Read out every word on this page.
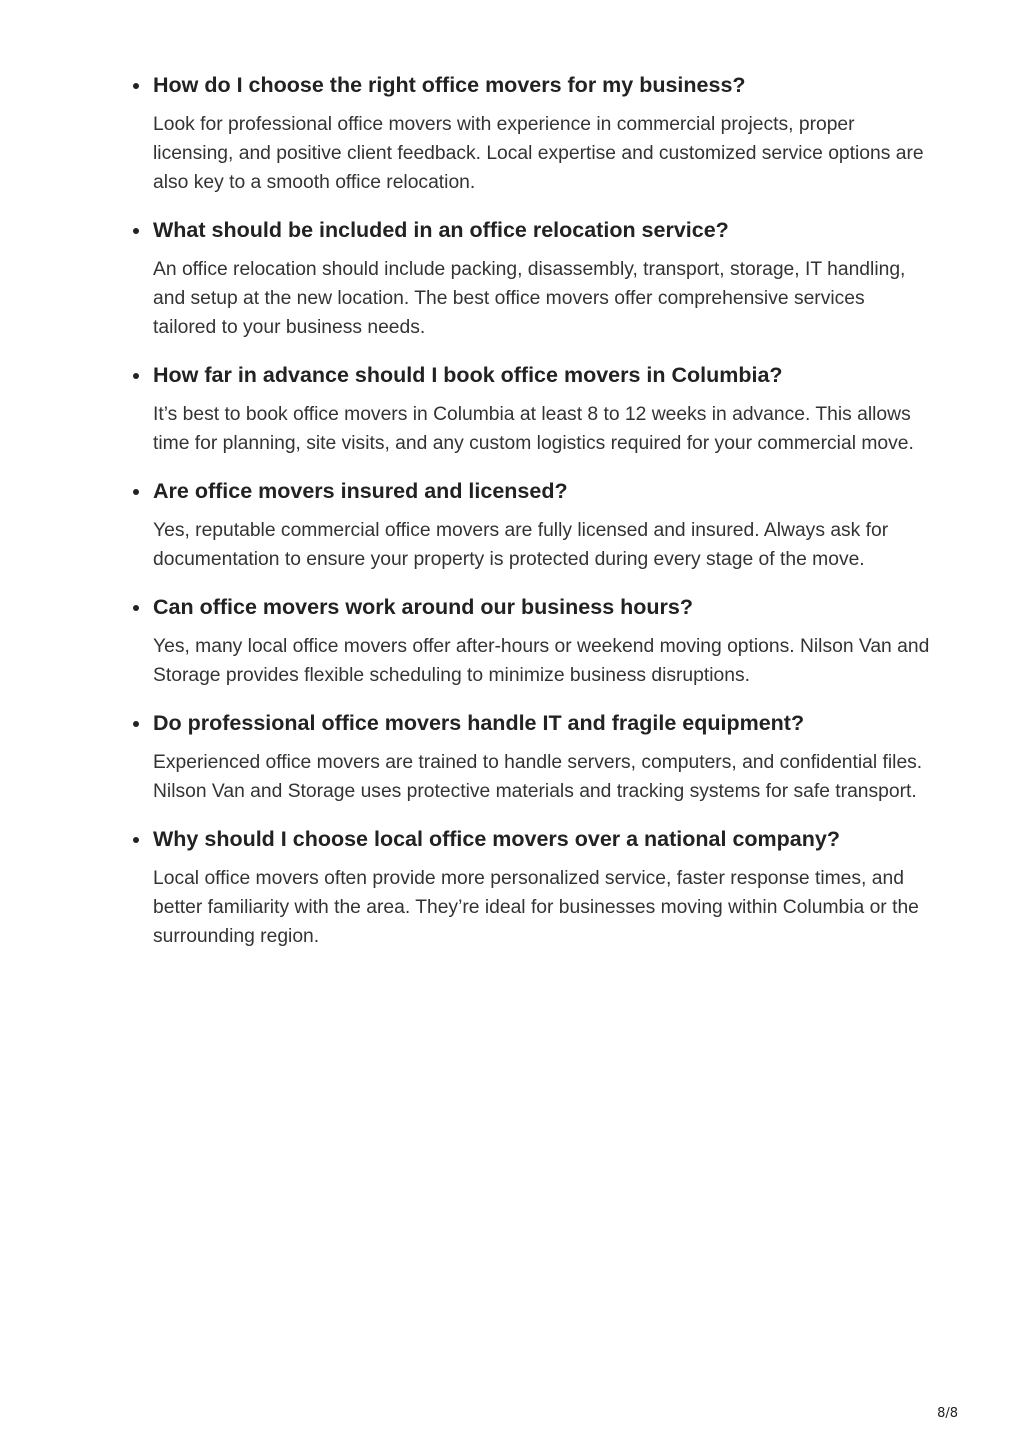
How do I choose the right office movers for my business?

Look for professional office movers with experience in commercial projects, proper licensing, and positive client feedback. Local expertise and customized service options are also key to a smooth office relocation.

What should be included in an office relocation service?

An office relocation should include packing, disassembly, transport, storage, IT handling, and setup at the new location. The best office movers offer comprehensive services tailored to your business needs.

How far in advance should I book office movers in Columbia?

It’s best to book office movers in Columbia at least 8 to 12 weeks in advance. This allows time for planning, site visits, and any custom logistics required for your commercial move.

Are office movers insured and licensed?

Yes, reputable commercial office movers are fully licensed and insured. Always ask for documentation to ensure your property is protected during every stage of the move.

Can office movers work around our business hours?

Yes, many local office movers offer after-hours or weekend moving options. Nilson Van and Storage provides flexible scheduling to minimize business disruptions.

Do professional office movers handle IT and fragile equipment?

Experienced office movers are trained to handle servers, computers, and confidential files. Nilson Van and Storage uses protective materials and tracking systems for safe transport.

Why should I choose local office movers over a national company?

Local office movers often provide more personalized service, faster response times, and better familiarity with the area. They’re ideal for businesses moving within Columbia or the surrounding region.

8/8
